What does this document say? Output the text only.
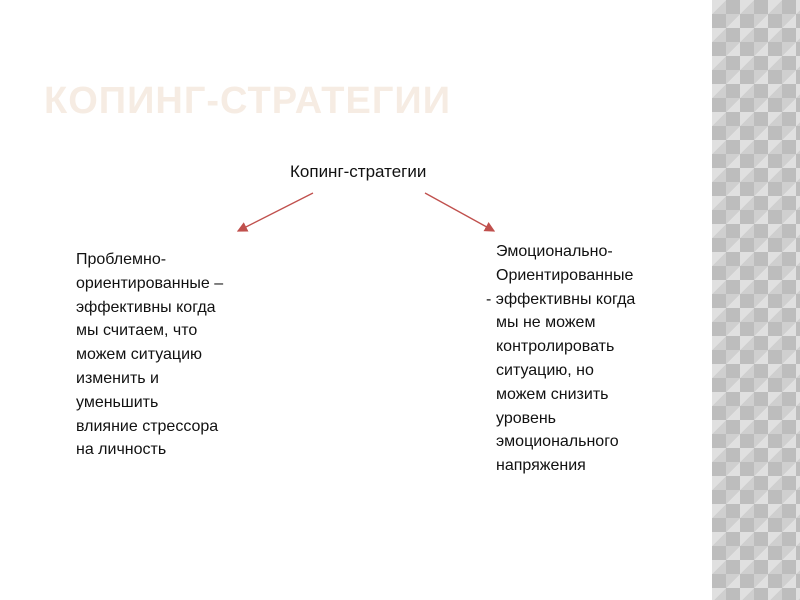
КОПИНГ-СТРАТЕГИИ
Копинг-стратегии
Проблемно-
ориентированные –
эффективны когда
мы считаем, что
можем ситуацию
изменить и
уменьшить
влияние стрессора
на личность
Эмоционально-
Ориентированные
- эффективны когда
мы не можем
контролировать
ситуацию, но
можем снизить
уровень
эмоционального
напряжения
